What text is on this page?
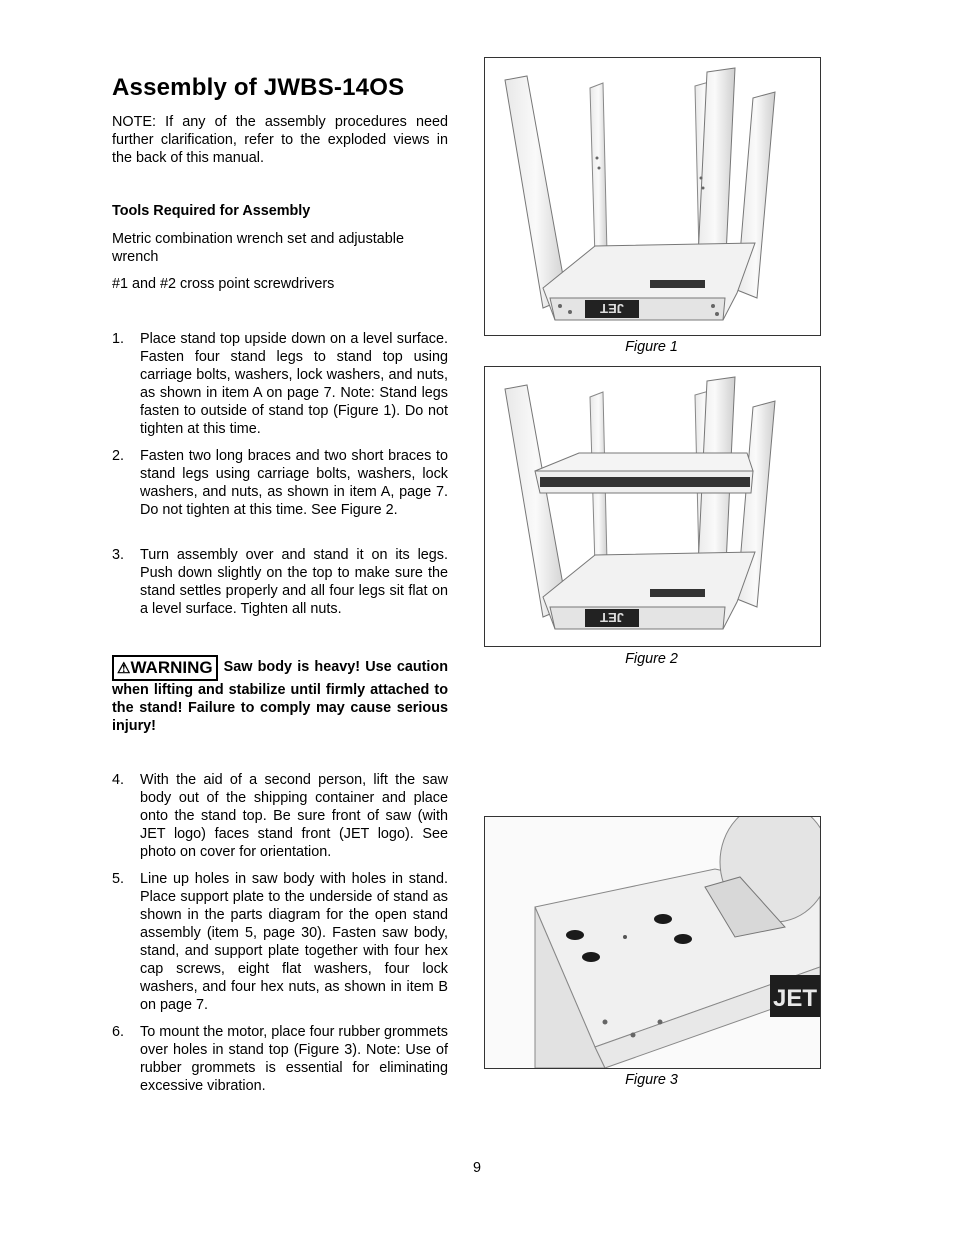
Assembly of JWBS-14OS
NOTE: If any of the assembly procedures need further clarification, refer to the exploded views in the back of this manual.
Tools Required for Assembly
Metric combination wrench set and adjustable wrench
#1 and #2 cross point screwdrivers
1. Place stand top upside down on a level surface. Fasten four stand legs to stand top using carriage bolts, washers, lock washers, and nuts, as shown in item A on page 7. Note: Stand legs fasten to outside of stand top (Figure 1). Do not tighten at this time.
2. Fasten two long braces and two short braces to stand legs using carriage bolts, washers, lock washers, and nuts, as shown in item A, page 7. Do not tighten at this time. See Figure 2.
3. Turn assembly over and stand it on its legs. Push down slightly on the top to make sure the stand settles properly and all four legs sit flat on a level surface. Tighten all nuts.
⚠WARNING Saw body is heavy! Use caution when lifting and stabilize until firmly attached to the stand! Failure to comply may cause serious injury!
4. With the aid of a second person, lift the saw body out of the shipping container and place onto the stand top. Be sure front of saw (with JET logo) faces stand front (JET logo). See photo on cover for orientation.
5. Line up holes in saw body with holes in stand. Place support plate to the underside of stand as shown in the parts diagram for the open stand assembly (item 5, page 30). Fasten saw body, stand, and support plate together with four hex cap screws, eight flat washers, four lock washers, and four hex nuts, as shown in item B on page 7.
6. To mount the motor, place four rubber grommets over holes in stand top (Figure 3). Note: Use of rubber grommets is essential for eliminating excessive vibration.
JET
Figure 1
JET
Figure 2
JET
Figure 3
9
